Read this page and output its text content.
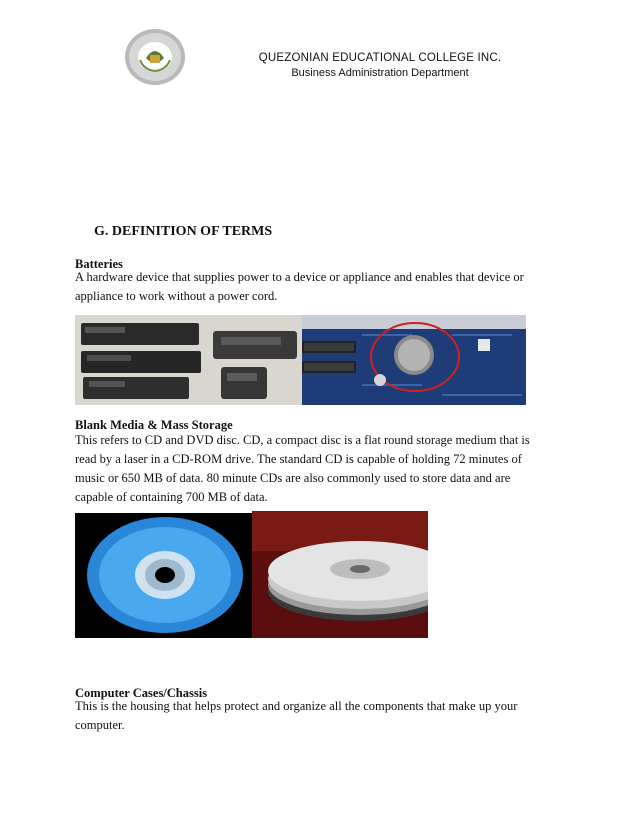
QUEZONIAN EDUCATIONAL COLLEGE INC.
Business Administration Department
G. DEFINITION OF TERMS
Batteries
A hardware device that supplies power to a device or appliance and enables that device or appliance to work without a power cord.
Blank Media & Mass Storage
This refers to CD and DVD disc. CD, a compact disc is a flat round storage medium that is read by a laser in a CD-ROM drive. The standard CD is capable of holding 72 minutes of music or 650 MB of data. 80 minute CDs are also commonly used to store data and are capable of containing 700 MB of data.
Computer Cases/Chassis
This is the housing that helps protect and organize all the components that make up your computer.
